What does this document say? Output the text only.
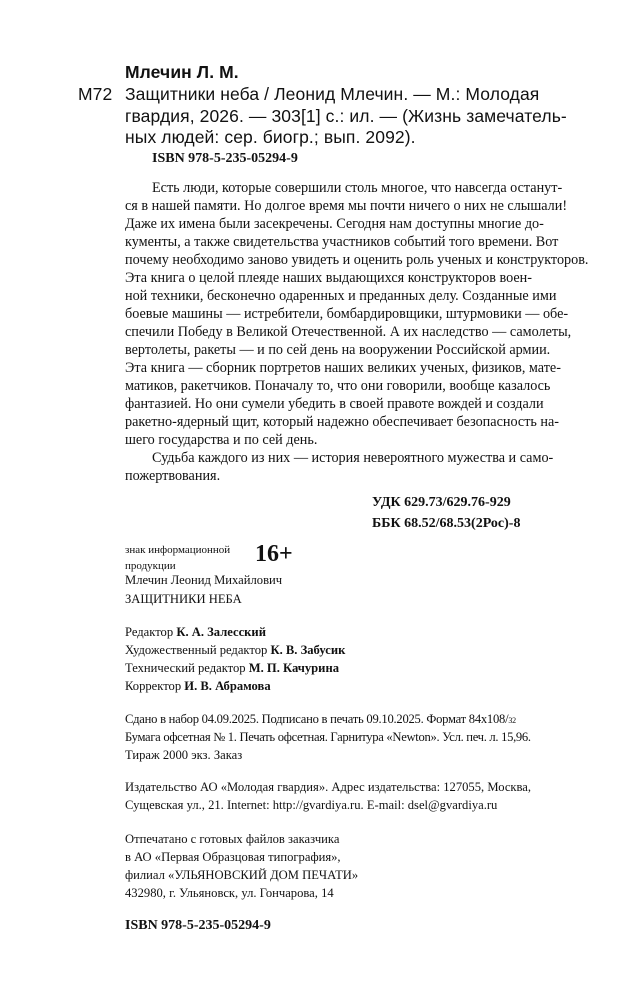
Млечин Л. М.
М72 Защитники неба / Леонид Млечин. — М.: Молодая
гвардия, 2026. — 303[1] с.: ил. — (Жизнь замечатель-
ных людей: сер. биогр.; вып. 2092).
ISBN 978-5-235-05294-9
Есть люди, которые совершили столь многое, что навсегда останут-
ся в нашей памяти. Но долгое время мы почти ничего о них не слышали!
Даже их имена были засекречены. Сегодня нам доступны многие до-
кументы, а также свидетельства участников событий того времени. Вот
почему необходимо заново увидеть и оценить роль ученых и конструкторов.
Эта книга о целой плеяде наших выдающихся конструкторов воен-
ной техники, бесконечно одаренных и преданных делу. Созданные ими
боевые машины — истребители, бомбардировщики, штурмовики — обе-
спечили Победу в Великой Отечественной. А их наследство — самолеты,
вертолеты, ракеты — и по сей день на вооружении Российской армии.
Эта книга — сборник портретов наших великих ученых, физиков, мате-
матиков, ракетчиков. Поначалу то, что они говорили, вообще казалось
фантазией. Но они сумели убедить в своей правоте вождей и создали
ракетно-ядерный щит, который надежно обеспечивает безопасность на-
шего государства и по сей день.
Судьба каждого из них — история невероятного мужества и само-
пожертвования.
УДК 629.73/629.76-929
ББК 68.52/68.53(2Рос)-8
знак информационной
продукции	16+
Млечин Леонид Михайлович
ЗАЩИТНИКИ НЕБА
Редактор К. А. Залесский
Художественный редактор К. В. Забусик
Технический редактор М. П. Качурина
Корректор И. В. Абрамова
Сдано в набор 04.09.2025. Подписано в печать 09.10.2025. Формат 84х108/32
Бумага офсетная № 1. Печать офсетная. Гарнитура «Newton». Усл. печ. л. 15,96.
Тираж 2000 экз. Заказ
Издательство АО «Молодая гвардия». Адрес издательства: 127055, Москва,
Сущевская ул., 21. Internet: http://gvardiya.ru. E-mail: dsel@gvardiya.ru
Отпечатано с готовых файлов заказчика
в АО «Первая Образцовая типография»,
филиал «УЛЬЯНОВСКИЙ ДОМ ПЕЧАТИ»
432980, г. Ульяновск, ул. Гончарова, 14
ISBN 978-5-235-05294-9
